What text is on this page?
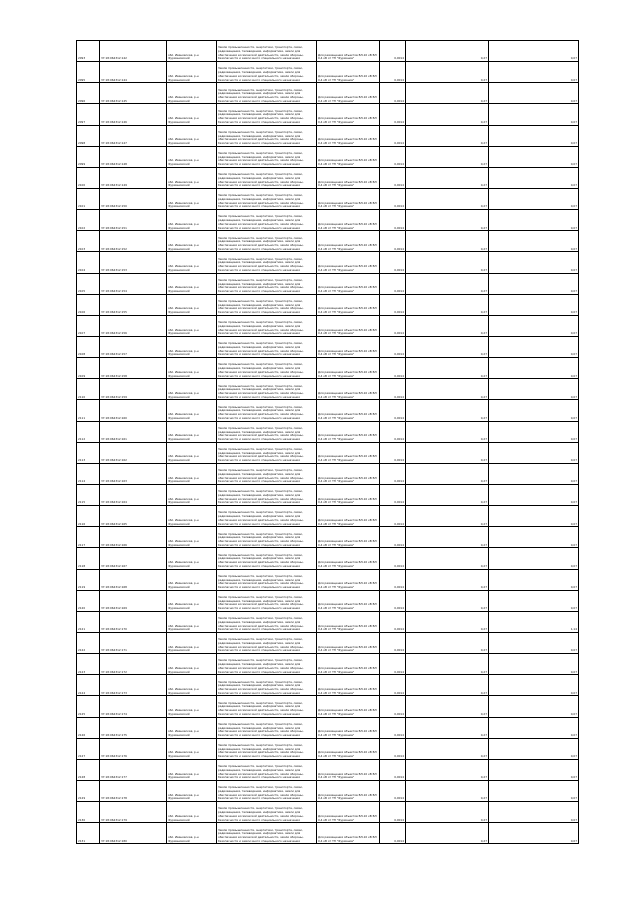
2093	37:18:064312:142	обл. Ивановская, р-н Фурмановский	Земли промышленности, энергетики, транспорта, связи, радиовещания, телевидения, информатики, земли для обеспечения космической деятельности, земли обороны, безопасности и земли иного специального назначения	Для размещения объектов ВЛ-10 кВ ВЛ 0,4 кВ от ТП "Фурманов"	0,0014	0,27	0,07
2095	37:18:064312:144	обл. Ивановская, р-н Фурмановский	Земли промышленности, энергетики, транспорта, связи, радиовещания, телевидения, информатики, земли для обеспечения космической деятельности, земли обороны, безопасности и земли иного специального назначения	Для размещения объектов ВЛ-10 кВ ВЛ 0,4 кВ от ТП "Фурманов"	0,0014	0,27	0,07
2096	37:18:064312:145	обл. Ивановская, р-н Фурмановский	Земли промышленности, энергетики, транспорта, связи, радиовещания, телевидения, информатики, земли для обеспечения космической деятельности, земли обороны, безопасности и земли иного специального назначения	Для размещения объектов ВЛ-10 кВ ВЛ 0,4 кВ от ТП "Фурманов"	0,0014	0,27	0,07
2097	37:18:064312:146	обл. Ивановская, р-н Фурмановский	Земли промышленности, энергетики, транспорта, связи, радиовещания, телевидения, информатики, земли для обеспечения космической деятельности, земли обороны, безопасности и земли иного специального назначения	Для размещения объектов ВЛ-10 кВ ВЛ 0,4 кВ от ТП "Фурманов"	0,0014	0,27	0,07
2098	37:18:064312:147	обл. Ивановская, р-н Фурмановский	Земли промышленности, энергетики, транспорта, связи, радиовещания, телевидения, информатики, земли для обеспечения космической деятельности, земли обороны, безопасности и земли иного специального назначения	Для размещения объектов ВЛ-10 кВ ВЛ 0,4 кВ от ТП "Фурманов"	0,0014	0,27	0,07
2099	37:18:064312:148	обл. Ивановская, р-н Фурмановский	Земли промышленности, энергетики, транспорта, связи, радиовещания, телевидения, информатики, земли для обеспечения космической деятельности, земли обороны, безопасности и земли иного специального назначения	Для размещения объектов ВЛ-10 кВ ВЛ 0,4 кВ от ТП "Фурманов"	0,0014	0,27	0,07
2100	37:18:064312:149	обл. Ивановская, р-н Фурмановский	Земли промышленности, энергетики, транспорта, связи, радиовещания, телевидения, информатики, земли для обеспечения космической деятельности, земли обороны, безопасности и земли иного специального назначения	Для размещения объектов ВЛ-10 кВ ВЛ 0,4 кВ от ТП "Фурманов"	0,0014	0,27	0,07
2101	37:18:064312:150	обл. Ивановская, р-н Фурмановский	Земли промышленности, энергетики, транспорта, связи, радиовещания, телевидения, информатики, земли для обеспечения космической деятельности, земли обороны, безопасности и земли иного специального назначения	Для размещения объектов ВЛ-10 кВ ВЛ 0,4 кВ от ТП "Фурманов"	0,0014	0,27	0,07
2102	37:18:064312:151	обл. Ивановская, р-н Фурмановский	Земли промышленности, энергетики, транспорта, связи, радиовещания, телевидения, информатики, земли для обеспечения космической деятельности, земли обороны, безопасности и земли иного специального назначения	Для размещения объектов ВЛ-10 кВ ВЛ 0,4 кВ от ТП "Фурманов"	0,0014	0,27	0,07
2103	37:18:064312:152	обл. Ивановская, р-н Фурмановский	Земли промышленности, энергетики, транспорта, связи, радиовещания, телевидения, информатики, земли для обеспечения космической деятельности, земли обороны, безопасности и земли иного специального назначения	Для размещения объектов ВЛ-10 кВ ВЛ 0,4 кВ от ТП "Фурманов"	0,0014	0,27	0,07
2104	37:18:064312:153	обл. Ивановская, р-н Фурмановский	Земли промышленности, энергетики, транспорта, связи, радиовещания, телевидения, информатики, земли для обеспечения космической деятельности, земли обороны, безопасности и земли иного специального назначения	Для размещения объектов ВЛ-10 кВ ВЛ 0,4 кВ от ТП "Фурманов"	0,0014	0,27	0,07
2105	37:18:064312:154	обл. Ивановская, р-н Фурмановский	Земли промышленности, энергетики, транспорта, связи, радиовещания, телевидения, информатики, земли для обеспечения космической деятельности, земли обороны, безопасности и земли иного специального назначения	Для размещения объектов ВЛ-10 кВ ВЛ 0,4 кВ от ТП "Фурманов"	0,0014	0,27	0,07
2106	37:18:064312:155	обл. Ивановская, р-н Фурмановский	Земли промышленности, энергетики, транспорта, связи, радиовещания, телевидения, информатики, земли для обеспечения космической деятельности, земли обороны, безопасности и земли иного специального назначения	Для размещения объектов ВЛ-10 кВ ВЛ 0,4 кВ от ТП "Фурманов"	0,0014	0,27	0,07
2107	37:18:064312:156	обл. Ивановская, р-н Фурмановский	Земли промышленности, энергетики, транспорта, связи, радиовещания, телевидения, информатики, земли для обеспечения космической деятельности, земли обороны, безопасности и земли иного специального назначения	Для размещения объектов ВЛ-10 кВ ВЛ 0,4 кВ от ТП "Фурманов"	0,0014	0,27	0,07
2108	37:18:064312:157	обл. Ивановская, р-н Фурмановский	Земли промышленности, энергетики, транспорта, связи, радиовещания, телевидения, информатики, земли для обеспечения космической деятельности, земли обороны, безопасности и земли иного специального назначения	Для размещения объектов ВЛ-10 кВ ВЛ 0,4 кВ от ТП "Фурманов"	0,0014	0,27	0,07
2109	37:18:064312:158	обл. Ивановская, р-н Фурмановский	Земли промышленности, энергетики, транспорта, связи, радиовещания, телевидения, информатики, земли для обеспечения космической деятельности, земли обороны, безопасности и земли иного специального назначения	Для размещения объектов ВЛ-10 кВ ВЛ 0,4 кВ от ТП "Фурманов"	0,0014	0,27	0,07
2110	37:18:064312:159	обл. Ивановская, р-н Фурмановский	Земли промышленности, энергетики, транспорта, связи, радиовещания, телевидения, информатики, земли для обеспечения космической деятельности, земли обороны, безопасности и земли иного специального назначения	Для размещения объектов ВЛ-10 кВ ВЛ 0,4 кВ от ТП "Фурманов"	0,0014	0,27	0,07
2111	37:18:064312:160	обл. Ивановская, р-н Фурмановский	Земли промышленности, энергетики, транспорта, связи, радиовещания, телевидения, информатики, земли для обеспечения космической деятельности, земли обороны, безопасности и земли иного специального назначения	Для размещения объектов ВЛ-10 кВ ВЛ 0,4 кВ от ТП "Фурманов"	0,0014	0,27	0,07
2112	37:18:064312:161	обл. Ивановская, р-н Фурмановский	Земли промышленности, энергетики, транспорта, связи, радиовещания, телевидения, информатики, земли для обеспечения космической деятельности, земли обороны, безопасности и земли иного специального назначения	Для размещения объектов ВЛ-10 кВ ВЛ 0,4 кВ от ТП "Фурманов"	0,0014	0,27	0,07
2113	37:18:064312:162	обл. Ивановская, р-н Фурмановский	Земли промышленности, энергетики, транспорта, связи, радиовещания, телевидения, информатики, земли для обеспечения космической деятельности, земли обороны, безопасности и земли иного специального назначения	Для размещения объектов ВЛ-10 кВ ВЛ 0,4 кВ от ТП "Фурманов"	0,0014	0,27	0,07
2114	37:18:064312:163	обл. Ивановская, р-н Фурмановский	Земли промышленности, энергетики, транспорта, связи, радиовещания, телевидения, информатики, земли для обеспечения космической деятельности, земли обороны, безопасности и земли иного специального назначения	Для размещения объектов ВЛ-10 кВ ВЛ 0,4 кВ от ТП "Фурманов"	0,0014	0,27	0,07
2115	37:18:064312:164	обл. Ивановская, р-н Фурмановский	Земли промышленности, энергетики, транспорта, связи, радиовещания, телевидения, информатики, земли для обеспечения космической деятельности, земли обороны, безопасности и земли иного специального назначения	Для размещения объектов ВЛ-10 кВ ВЛ 0,4 кВ от ТП "Фурманов"	0,0014	0,27	0,07
2116	37:18:064312:165	обл. Ивановская, р-н Фурмановский	Земли промышленности, энергетики, транспорта, связи, радиовещания, телевидения, информатики, земли для обеспечения космической деятельности, земли обороны, безопасности и земли иного специального назначения	Для размещения объектов ВЛ-10 кВ ВЛ 0,4 кВ от ТП "Фурманов"	0,0014	0,27	0,07
2117	37:18:064312:166	обл. Ивановская, р-н Фурмановский	Земли промышленности, энергетики, транспорта, связи, радиовещания, телевидения, информатики, земли для обеспечения космической деятельности, земли обороны, безопасности и земли иного специального назначения	Для размещения объектов ВЛ-10 кВ ВЛ 0,4 кВ от ТП "Фурманов"	0,0014	0,27	0,07
2118	37:18:064312:167	обл. Ивановская, р-н Фурмановский	Земли промышленности, энергетики, транспорта, связи, радиовещания, телевидения, информатики, земли для обеспечения космической деятельности, земли обороны, безопасности и земли иного специального назначения	Для размещения объектов ВЛ-10 кВ ВЛ 0,4 кВ от ТП "Фурманов"	0,0014	0,27	0,07
2119	37:18:064312:168	обл. Ивановская, р-н Фурмановский	Земли промышленности, энергетики, транспорта, связи, радиовещания, телевидения, информатики, земли для обеспечения космической деятельности, земли обороны, безопасности и земли иного специального назначения	Для размещения объектов ВЛ-10 кВ ВЛ 0,4 кВ от ТП "Фурманов"	0,0014	0,27	0,07
2120	37:18:064312:169	обл. Ивановская, р-н Фурмановский	Земли промышленности, энергетики, транспорта, связи, радиовещания, телевидения, информатики, земли для обеспечения космической деятельности, земли обороны, безопасности и земли иного специального назначения	Для размещения объектов ВЛ-10 кВ ВЛ 0,4 кВ от ТП "Фурманов"	0,0014	0,27	0,07
2121	37:18:064312:170	обл. Ивановская, р-н Фурмановский	Земли промышленности, энергетики, транспорта, связи, радиовещания, телевидения, информатики, земли для обеспечения космической деятельности, земли обороны, безопасности и земли иного специального назначения	Для размещения объектов ВЛ-10 кВ ВЛ 0,4 кВ от ТП "Фурманов"	0,0014	0,27	1,14
2122	37:18:064312:171	обл. Ивановская, р-н Фурмановский	Земли промышленности, энергетики, транспорта, связи, радиовещания, телевидения, информатики, земли для обеспечения космической деятельности, земли обороны, безопасности и земли иного специального назначения	Для размещения объектов ВЛ-10 кВ ВЛ 0,4 кВ от ТП "Фурманов"	0,0014	0,27	0,07
2123	37:18:064312:172	обл. Ивановская, р-н Фурмановский	Земли промышленности, энергетики, транспорта, связи, радиовещания, телевидения, информатики, земли для обеспечения космической деятельности, земли обороны, безопасности и земли иного специального назначения	Для размещения объектов ВЛ-10 кВ ВЛ 0,4 кВ от ТП "Фурманов"	0,0014	0,27	0,07
2124	37:18:064312:173	обл. Ивановская, р-н Фурмановский	Земли промышленности, энергетики, транспорта, связи, радиовещания, телевидения, информатики, земли для обеспечения космической деятельности, земли обороны, безопасности и земли иного специального назначения	Для размещения объектов ВЛ-10 кВ ВЛ 0,4 кВ от ТП "Фурманов"	0,0014	0,27	0,07
2125	37:18:064312:174	обл. Ивановская, р-н Фурмановский	Земли промышленности, энергетики, транспорта, связи, радиовещания, телевидения, информатики, земли для обеспечения космической деятельности, земли обороны, безопасности и земли иного специального назначения	Для размещения объектов ВЛ-10 кВ ВЛ 0,4 кВ от ТП "Фурманов"	0,0014	0,27	0,07
2126	37:18:064312:175	обл. Ивановская, р-н Фурмановский	Земли промышленности, энергетики, транспорта, связи, радиовещания, телевидения, информатики, земли для обеспечения космической деятельности, земли обороны, безопасности и земли иного специального назначения	Для размещения объектов ВЛ-10 кВ ВЛ 0,4 кВ от ТП "Фурманов"	0,0014	0,27	0,07
2127	37:18:064312:176	обл. Ивановская, р-н Фурмановский	Земли промышленности, энергетики, транспорта, связи, радиовещания, телевидения, информатики, земли для обеспечения космической деятельности, земли обороны, безопасности и земли иного специального назначения	Для размещения объектов ВЛ-10 кВ ВЛ 0,4 кВ от ТП "Фурманов"	0,0014	0,27	0,07
2128	37:18:064312:177	обл. Ивановская, р-н Фурмановский	Земли промышленности, энергетики, транспорта, связи, радиовещания, телевидения, информатики, земли для обеспечения космической деятельности, земли обороны, безопасности и земли иного специального назначения	Для размещения объектов ВЛ-10 кВ ВЛ 0,4 кВ от ТП "Фурманов"	0,0014	0,27	0,07
2129	37:18:064312:178	обл. Ивановская, р-н Фурмановский	Земли промышленности, энергетики, транспорта, связи, радиовещания, телевидения, информатики, земли для обеспечения космической деятельности, земли обороны, безопасности и земли иного специального назначения	Для размещения объектов ВЛ-10 кВ ВЛ 0,4 кВ от ТП "Фурманов"	0,0014	0,27	0,07
2130	37:18:064312:179	обл. Ивановская, р-н Фурмановский	Земли промышленности, энергетики, транспорта, связи, радиовещания, телевидения, информатики, земли для обеспечения космической деятельности, земли обороны, безопасности и земли иного специального назначения	Для размещения объектов ВЛ-10 кВ ВЛ 0,4 кВ от ТП "Фурманов"	0,0014	0,27	0,07
2131	37:18:064312:180	обл. Ивановская, р-н Фурмановский	Земли промышленности, энергетики, транспорта, связи, радиовещания, телевидения, информатики, земли для обеспечения космической деятельности, земли обороны, безопасности и земли иного специального назначения	Для размещения объектов ВЛ-10 кВ ВЛ 0,4 кВ от ТП "Фурманов"	0,0014	0,27	0,07
